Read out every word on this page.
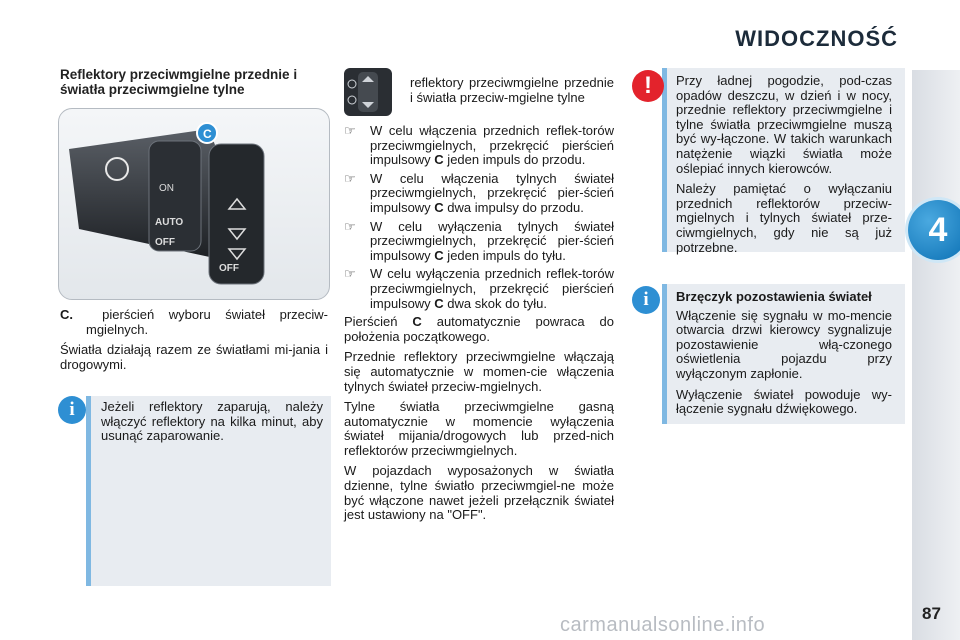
WIDOCZNOŚĆ
4
87
carmanualsonline.info
Reflektory przeciwmgielne przednie i światła przeciwmgielne tylne
ON
AUTO
OFF
OFF
C

C. pierścień wyboru świateł przeciw-mgielnych.

Światła działają razem ze światłami mi-jania i drogowymi.

Jeżeli reflektory zaparują, należy włączyć reflektory na kilka minut, aby usunąć zaparowanie.
i
reflektory przeciwmgielne przednie i światła przeciw-mgielne tylne
☞ W celu włączenia przednich reflek-torów przeciwmgielnych, przekręcić pierścień impulsowy C jeden impuls do przodu.
☞ W celu włączenia tylnych świateł przeciwmgielnych, przekręcić pier-ścień impulsowy C dwa impulsy do przodu.
☞ W celu wyłączenia tylnych świateł przeciwmgielnych, przekręcić pier-ścień impulsowy C jeden impuls do tyłu.
☞ W celu wyłączenia przednich reflek-torów przeciwmgielnych, przekręcić pierścień impulsowy C dwa skok do tyłu.

Pierścień C automatycznie powraca do położenia początkowego.

Przednie reflektory przeciwmgielne włączają się automatycznie w momen-cie włączenia tylnych świateł przeciw-mgielnych.

Tylne światła przeciwmgielne gasną automatycznie w momencie wyłączenia świateł mijania/drogowych lub przed-nich reflektorów przeciwmgielnych.

W pojazdach wyposażonych w światła dzienne, tylne światło przeciwmgiel-ne może być włączone nawet jeżeli przełącznik świateł jest ustawiony na "OFF".

!	Przy ładnej pogodzie, pod-czas opadów deszczu, w dzień i w nocy, przednie reflektory przeciwmgielne i tylne światła przeciwmgielne muszą być wy-łączone. W takich warunkach natężenie wiązki światła może oślepiać innych kierowców.

Należy pamiętać o wyłączaniu przednich reflektorów przeciw-mgielnych i tylnych świateł prze-ciwmgielnych, gdy nie są już potrzebne.

i	Brzęczyk pozostawienia świateł

Włączenie się sygnału w mo-mencie otwarcia drzwi kierowcy sygnalizuje pozostawienie włą-czonego oświetlenia pojazdu przy wyłączonym zapłonie.

Wyłączenie świateł powoduje wy-łączenie sygnału dźwiękowego.
